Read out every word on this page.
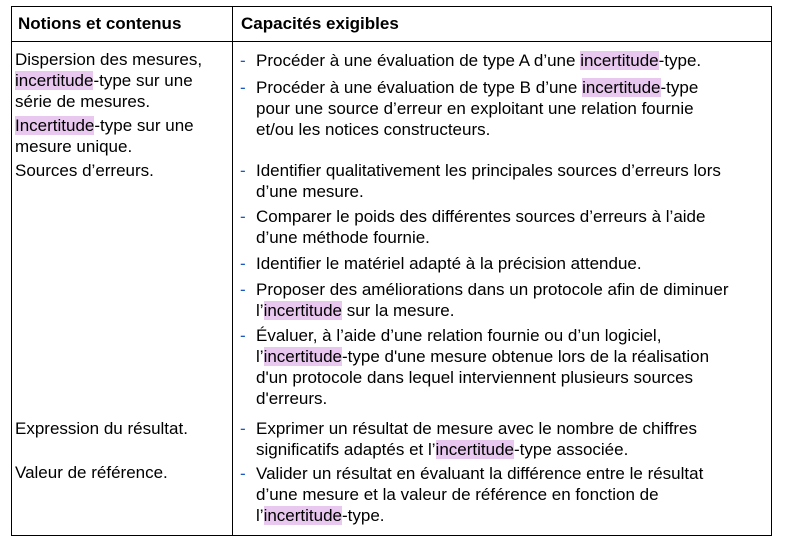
Notions et contenus	Capacités exigibles
Dispersion des mesures,
incertitude-type sur une
série de mesures.
Incertitude-type sur une
mesure unique.
Sources d’erreurs.
Expression du résultat.
Valeur de référence.
- Procéder à une évaluation de type A d’une incertitude-type.
- Procéder à une évaluation de type B d’une incertitude-type
pour une source d’erreur en exploitant une relation fournie
et/ou les notices constructeurs.
- Identifier qualitativement les principales sources d’erreurs lors
d’une mesure.
- Comparer le poids des différentes sources d’erreurs à l’aide
d’une méthode fournie.
- Identifier le matériel adapté à la précision attendue.
- Proposer des améliorations dans un protocole afin de diminuer
l’incertitude sur la mesure.
- Évaluer, à l’aide d’une relation fournie ou d’un logiciel,
l’incertitude-type d'une mesure obtenue lors de la réalisation
d'un protocole dans lequel interviennent plusieurs sources
d'erreurs.
- Exprimer un résultat de mesure avec le nombre de chiffres
significatifs adaptés et l’incertitude-type associée.
- Valider un résultat en évaluant la différence entre le résultat
d’une mesure et la valeur de référence en fonction de
l’incertitude-type.
